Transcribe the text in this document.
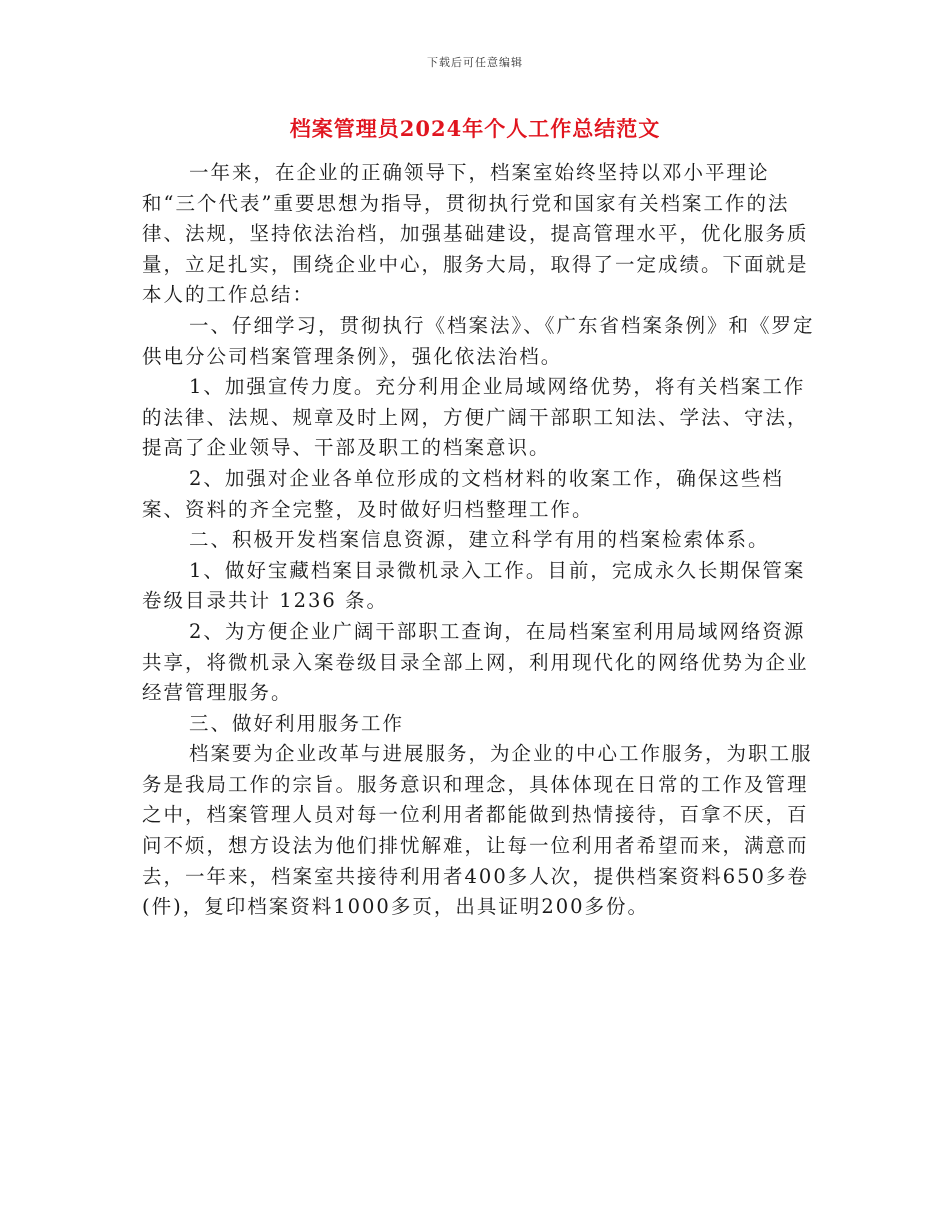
下载后可任意编辑
档案管理员2024年个人工作总结范文

一年来，在企业的正确领导下，档案室始终坚持以邓小平理论和“三个代表”重要思想为指导，贯彻执行党和国家有关档案工作的法律、法规，坚持依法治档，加强基础建设，提高管理水平，优化服务质量，立足扎实，围绕企业中心，服务大局，取得了一定成绩。下面就是本人的工作总结：

一、仔细学习，贯彻执行《档案法》、《广东省档案条例》和《罗定供电分公司档案管理条例》，强化依法治档。

1、加强宣传力度。充分利用企业局域网络优势，将有关档案工作的法律、法规、规章及时上网，方便广阔干部职工知法、学法、守法，提高了企业领导、干部及职工的档案意识。

2、加强对企业各单位形成的文档材料的收案工作，确保这些档案、资料的齐全完整，及时做好归档整理工作。

二、积极开发档案信息资源，建立科学有用的档案检索体系。

1、做好宝藏档案目录微机录入工作。目前，完成永久长期保管案卷级目录共计 1236 条。

2、为方便企业广阔干部职工查询，在局档案室利用局域网络资源共享，将微机录入案卷级目录全部上网，利用现代化的网络优势为企业经营管理服务。

三、做好利用服务工作

档案要为企业改革与进展服务，为企业的中心工作服务，为职工服务是我局工作的宗旨。服务意识和理念，具体体现在日常的工作及管理之中，档案管理人员对每一位利用者都能做到热情接待，百拿不厌，百问不烦，想方设法为他们排忧解难，让每一位利用者希望而来，满意而去，一年来，档案室共接待利用者400多人次，提供档案资料650多卷(件)，复印档案资料1000多页，出具证明200多份。
